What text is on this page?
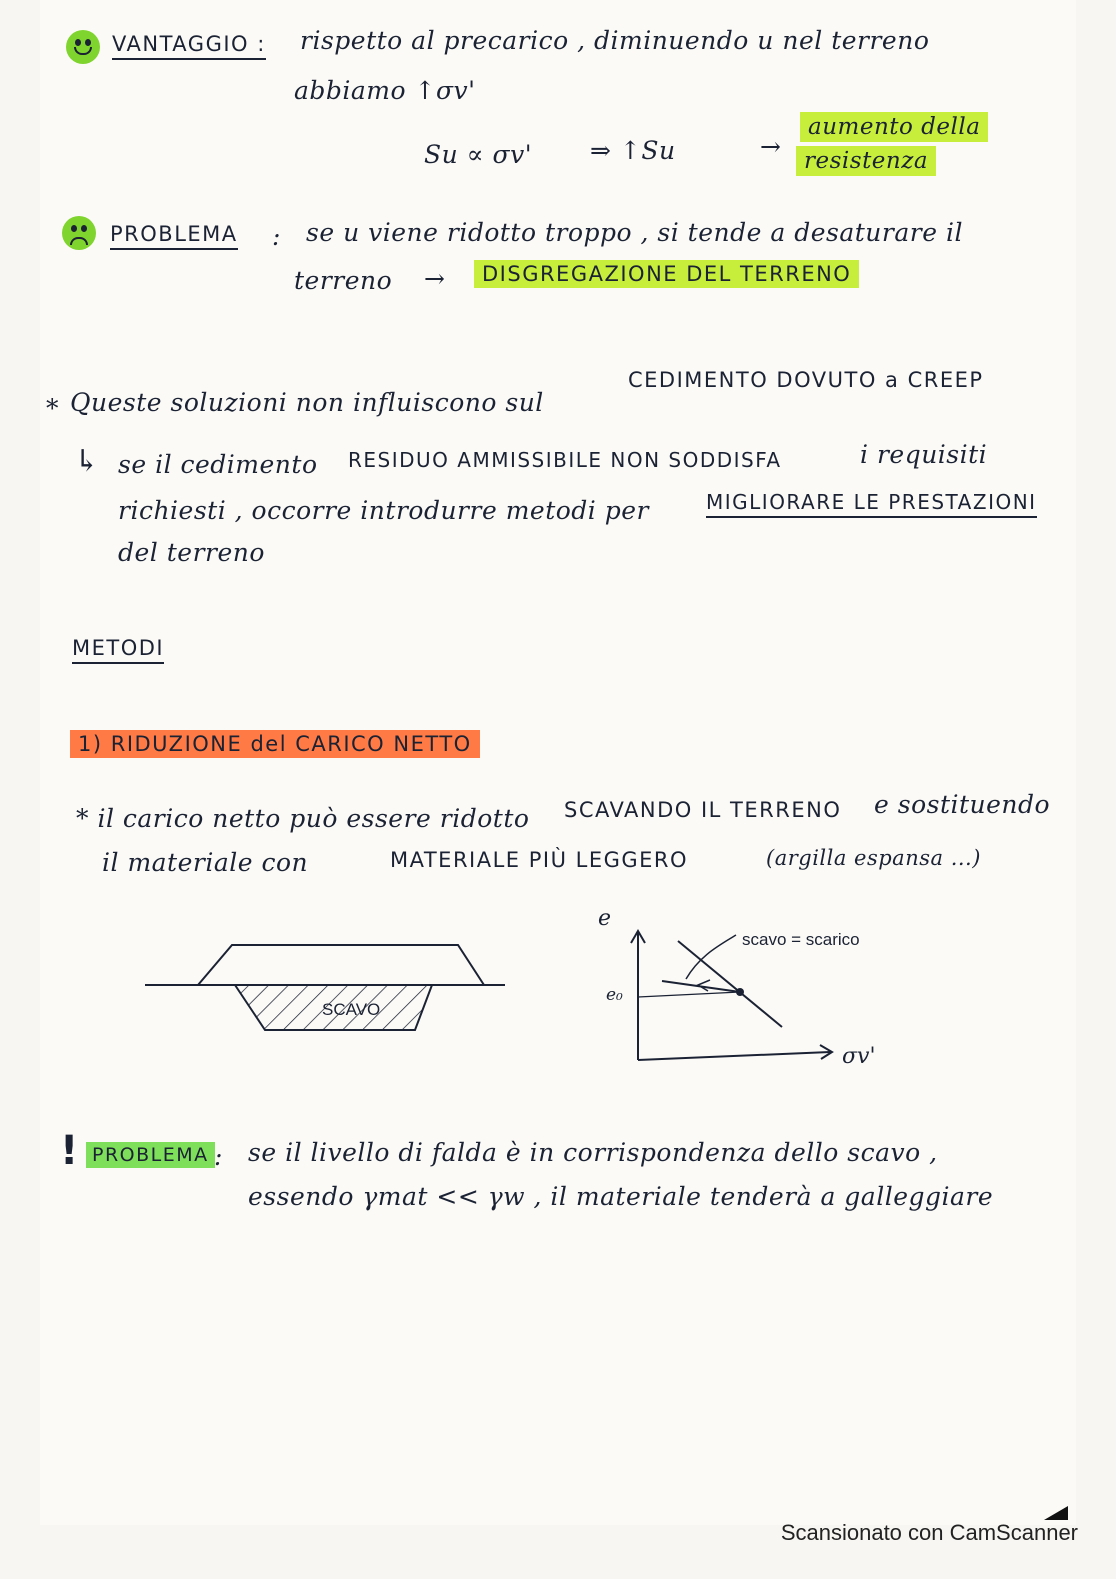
VANTAGGIO : rispetto al precarico , diminuendo u nel terreno
abbiamo ↑σv'
Su ∝ σv' ⇒ ↑Su	→
aumento della
resistenza
PROBLEMA : se u viene ridotto troppo , si tende a desaturare il
terreno →	DISGREGAZIONE DEL TERRENO
* Queste soluzioni non influiscono sul
CEDIMENTO DOVUTO a CREEP
↳ se il cedimento RESIDUO AMMISSIBILE NON SODDISFA	i requisiti
richiesti , occorre introdurre metodi per	MIGLIORARE LE PRESTAZIONI
del terreno
METODI
1) RIDUZIONE del CARICO NETTO
* il carico netto può essere ridotto SCAVANDO IL TERRENO e sostituendo
il materiale con	MATERIALE PIÙ LEGGERO	(argilla espansa ...)
SCAVO
e
σv'
e₀
scavo = scarico
! PROBLEMA : se il livello di falda è in corrispondenza dello scavo ,
essendo γmat << γw , il materiale tenderà a galleggiare
Scansionato con CamScanner
